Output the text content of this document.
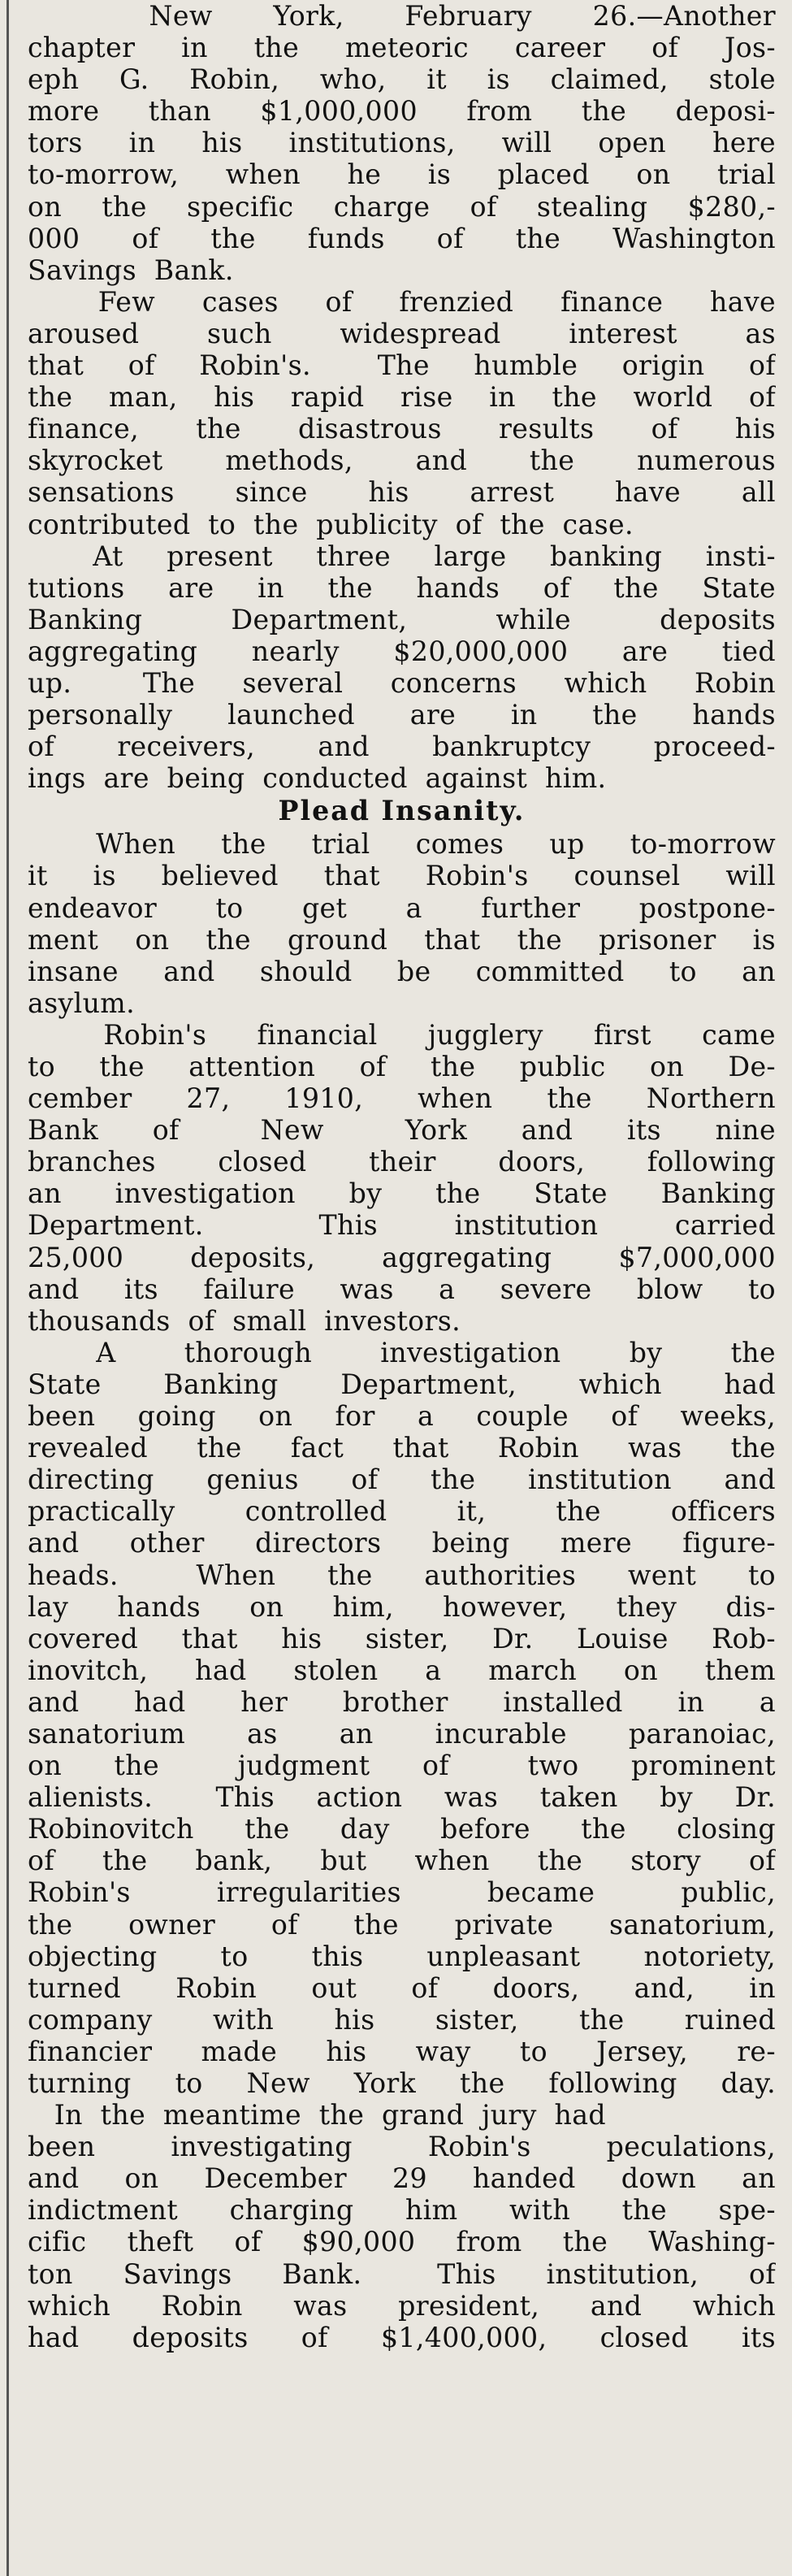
New  York,  February  26.—Another
chapter  in  the  meteoric  career  of  Jos-
eph  G.  Robin,  who,  it  is  claimed,  stole
more  than  $1,000,000  from  the  deposi-
tors  in  his  institutions,  will  open  here
to-morrow,  when  he  is  placed  on  trial
on  the  specific  charge  of  stealing  $280,-
000  of  the  funds  of  the  Washington
Savings  Bank.
Few  cases  of  frenzied  finance  have
aroused  such  widespread  interest  as
that  of  Robin's.   The  humble  origin  of
the  man,  his  rapid  rise  in  the  world  of
finance,  the  disastrous  results  of  his
skyrocket  methods,  and  the  numerous
sensations  since  his  arrest  have  all
contributed  to  the  publicity  of  the  case.
At  present  three  large  banking  insti-
tutions  are  in  the  hands  of  the  State
Banking  Department,  while  deposits
aggregating  nearly  $20,000,000  are  tied
up.   The  several  concerns  which  Robin
personally  launched  are  in  the  hands
of  receivers,  and  bankruptcy  proceed-
ings  are  being  conducted  against  him.
Plead Insanity.
When  the  trial  comes  up  to-morrow
it  is  believed  that  Robin's  counsel  will
endeavor  to  get  a  further  postpone-
ment  on  the  ground  that  the  prisoner  is
insane  and  should  be  committed  to  an
asylum.
Robin's  financial  jugglery  first  came
to  the  attention  of  the  public  on  De-
cember  27,  1910,  when  the  Northern
Bank  of   New   York  and  its  nine
branches  closed  their  doors,  following
an  investigation  by  the  State  Banking
Department.   This  institution  carried
25,000  deposits,  aggregating  $7,000,000
and  its  failure  was  a  severe  blow  to
thousands  of  small  investors.
A   thorough   investigation   by   the
State  Banking  Department,  which  had
been  going  on  for  a  couple  of  weeks,
revealed  the  fact  that  Robin  was  the
directing  genius  of  the  institution  and
practically  controlled  it,  the  officers
and  other  directors  being  mere  figure-
heads.   When  the  authorities  went  to
lay  hands  on  him,  however,  they  dis-
covered  that  his  sister,  Dr.  Louise  Rob-
inovitch,  had  stolen  a  march  on  them
and  had  her  brother  installed  in  a
sanatorium  as  an  incurable  paranoiac,
on  the   judgment  of   two  prominent
alienists.   This  action  was  taken  by  Dr.
Robinovitch  the  day  before  the  closing
of  the  bank,  but  when  the  story  of
Robin's  irregularities  became  public,
the  owner  of  the  private  sanatorium,
objecting  to  this  unpleasant  notoriety,
turned  Robin  out  of  doors,  and,  in
company  with  his  sister,  the  ruined
financier  made  his  way  to  Jersey,  re-
turning  to  New  York  the  following  day.
In  the  meantime  the  grand  jury  had
been  investigating  Robin's  peculations,
and  on  December  29  handed  down  an
indictment  charging  him  with  the  spe-
cific  theft  of  $90,000  from  the  Washing-
ton  Savings  Bank.   This  institution,  of
which  Robin  was  president,  and  which
had  deposits  of  $1,400,000,  closed  its
